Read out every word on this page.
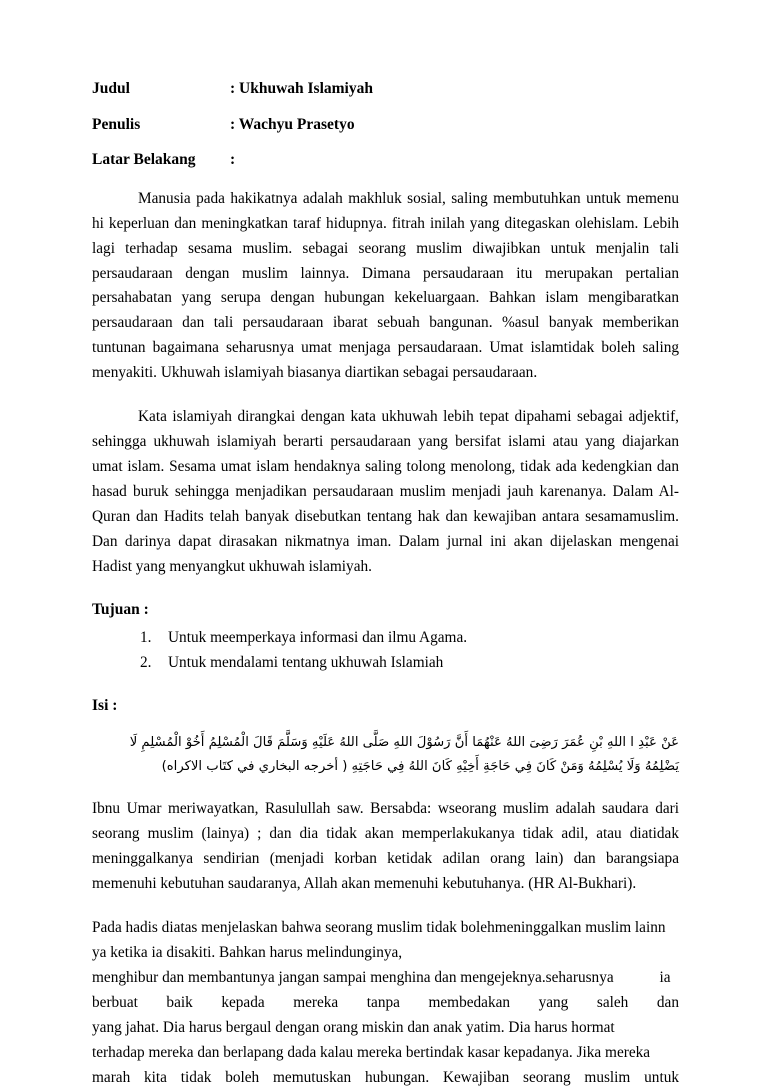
Judul	: Ukhuwah Islamiyah
Penulis	: Wachyu Prasetyo
Latar Belakang	:

Manusia pada hakikatnya adalah makhluk sosial, saling membutuhkan untuk memenu hi keperluan dan meningkatkan taraf hidupnya. fitrah inilah yang ditegaskan olehislam. Lebih lagi terhadap sesama muslim. sebagai seorang muslim diwajibkan untuk menjalin tali persaudaraan dengan muslim lainnya. Dimana persaudaraan itu merupakan pertalian persahabatan yang serupa dengan hubungan kekeluargaan. Bahkan islam mengibaratkan persaudaraan dan tali persaudaraan ibarat sebuah bangunan. %asul banyak memberikan tuntunan bagaimana seharusnya umat menjaga persaudaraan. Umat islamtidak boleh saling menyakiti. Ukhuwah islamiyah biasanya diartikan sebagai persaudaraan.

Kata islamiyah dirangkai dengan kata ukhuwah lebih tepat dipahami sebagai adjektif, sehingga ukhuwah islamiyah berarti persaudaraan yang bersifat islami atau yang diajarkan umat islam. Sesama umat islam hendaknya saling tolong menolong, tidak ada kedengkian dan hasad buruk sehingga menjadikan persaudaraan muslim menjadi jauh karenanya. Dalam Al-Quran dan Hadits telah banyak disebutkan tentang hak dan kewajiban antara sesamamuslim. Dan darinya dapat dirasakan nikmatnya iman. Dalam jurnal ini akan dijelaskan mengenai Hadist yang menyangkut ukhuwah islamiyah.

Tujuan :
1.	Untuk meemperkaya informasi dan ilmu Agama.
2.	Untuk mendalami tentang ukhuwah Islamiah
Isi :
عَنْ عَبْدِ ا اللهِ بْنِ عُمَرَ رَضِىَ اللهُ عَنْهُمَا أَنَّ رَسُوْلَ اللهِ صَلَّى اللهُ عَلَيْهِ وَسَلَّمَ قَالَ الْمُسْلِمُ أَخُوْ الْمُسْلِمِ لَا
يَضْلِمُهُ وَلَا يُسْلِمُهُ وَمَنْ كَانَ فِي حَاجَةِ أَخِيْهِ كَانَ اللهُ فِي حَاجَتِهِ ( أخرجه البخاري في كتَاب الاكراه)

Ibnu Umar meriwayatkan, Rasulullah saw. Bersabda: wseorang muslim adalah saudara dari seorang muslim (lainya) ; dan dia tidak akan memperlakukanya tidak adil, atau diatidak meninggalkanya sendirian (menjadi korban ketidak adilan orang lain) dan barangsiapa memenuhi kebutuhan saudaranya, Allah akan memenuhi kebutuhanya. (HR Al-Bukhari).

Pada hadis diatas menjelaskan bahwa seorang muslim tidak bolehmeninggalkan muslim lainn
ya ketika ia disakiti. Bahkan harus melindunginya,
menghibur dan membantunya jangan sampai menghina dan mengejeknya.seharusnya            ia
berbuat baik kepada mereka tanpa membedakan yang saleh dan
yang jahat. Dia harus bergaul dengan orang miskin dan anak yatim. Dia harus hormat
terhadap mereka dan berlapang dada kalau mereka bertindak kasar kepadanya. Jika mereka
marah kita tidak boleh memutuskan hubungan. Kewajiban seorang muslim untuk
